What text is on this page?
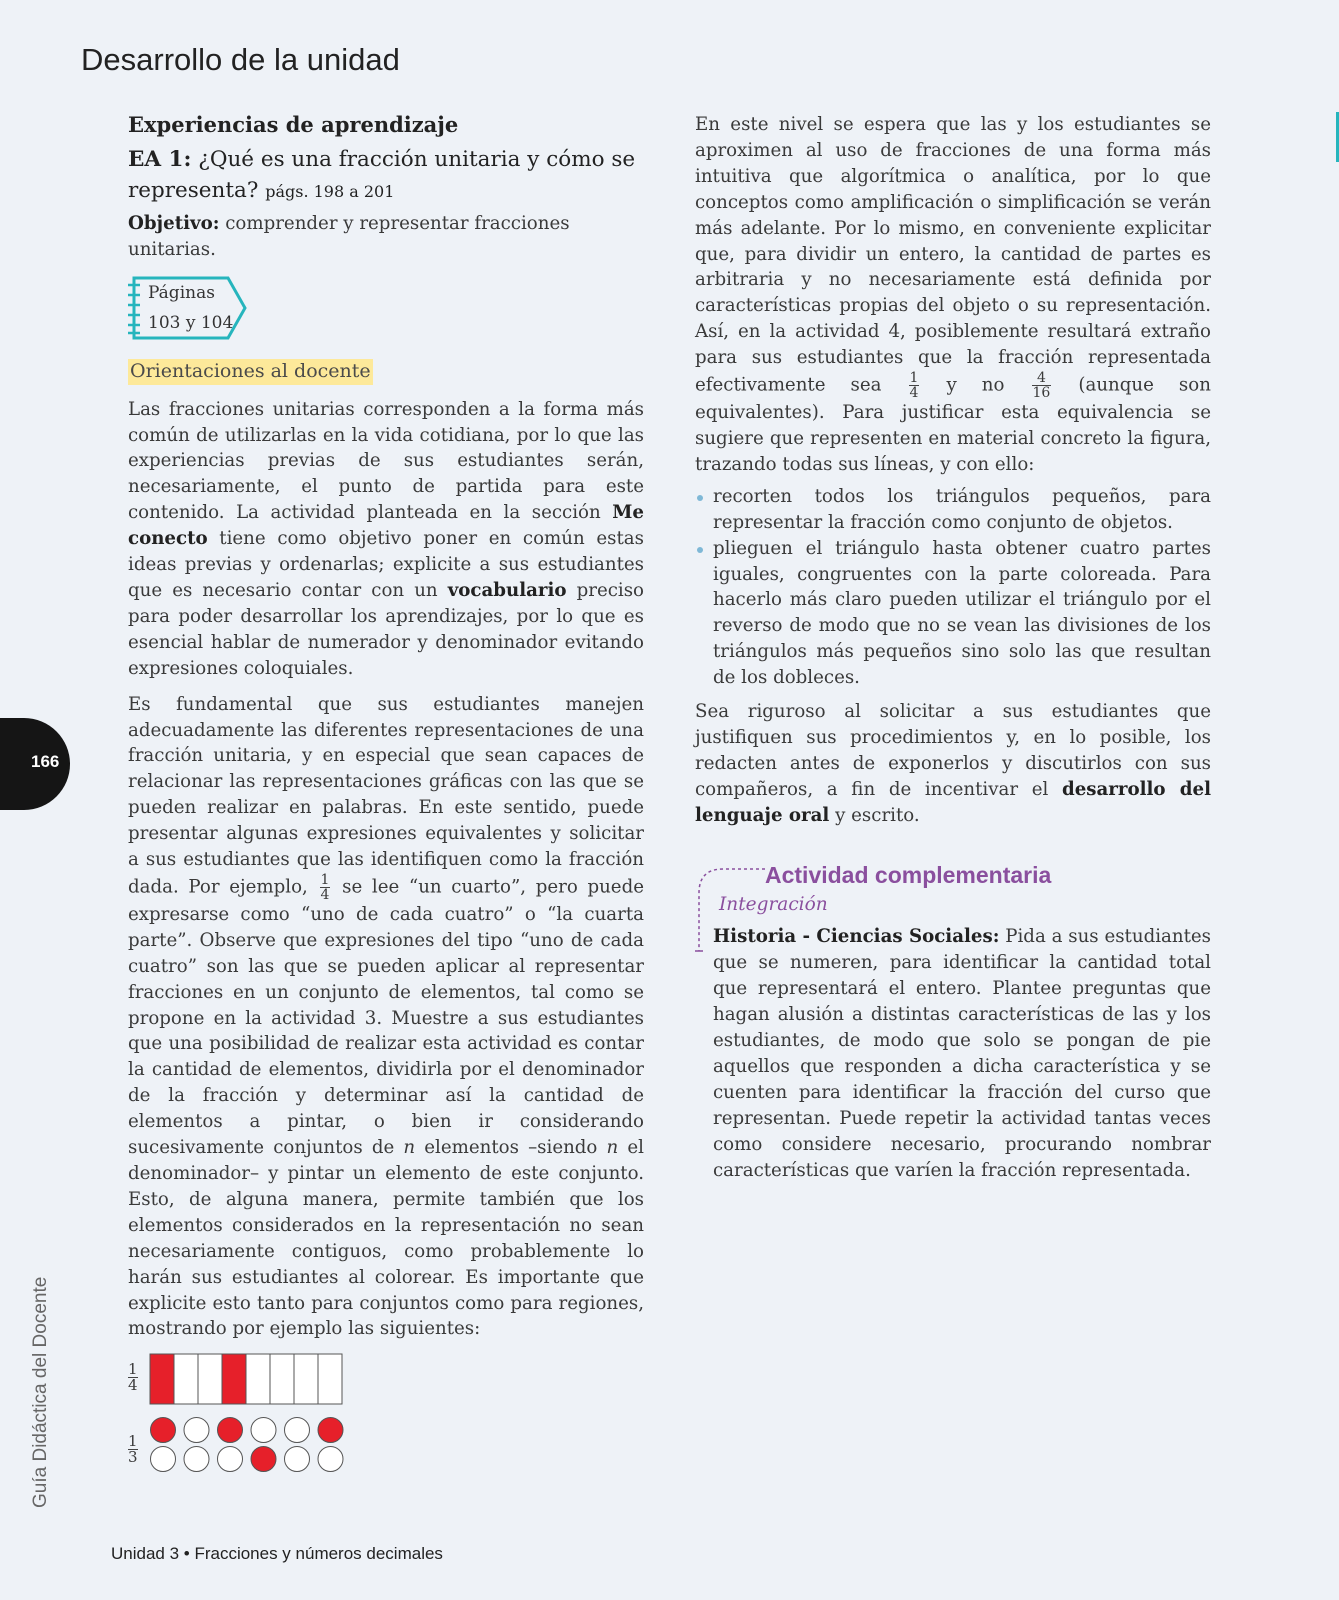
Desarrollo de la unidad
Experiencias de aprendizaje
EA 1: ¿Qué es una fracción unitaria y cómo se representa? págs. 198 a 201
Objetivo: comprender y representar fracciones unitarias.
Páginas
103 y 104
Orientaciones al docente

Las fracciones unitarias corresponden a la forma más común de utilizarlas en la vida cotidiana, por lo que las experiencias previas de sus estudiantes serán, necesariamente, el punto de partida para este contenido. La actividad planteada en la sección Me conecto tiene como objetivo poner en común estas ideas previas y ordenarlas; explicite a sus estudiantes que es necesario contar con un vocabulario preciso para poder desarrollar los aprendizajes, por lo que es esencial hablar de numerador y denominador evitando expresiones coloquiales.

Es fundamental que sus estudiantes manejen adecuadamente las diferentes representaciones de una fracción unitaria, y en especial que sean capaces de relacionar las representaciones gráficas con las que se pueden realizar en palabras. En este sentido, puede presentar algunas expresiones equivalentes y solicitar a sus estudiantes que las identifiquen como la fracción dada. Por ejemplo, $\frac{1}{4}$ se lee “un cuarto”, pero puede expresarse como “uno de cada cuatro” o “la cuarta parte”. Observe que expresiones del tipo “uno de cada cuatro” son las que se pueden aplicar al representar fracciones en un conjunto de elementos, tal como se propone en la actividad 3. Muestre a sus estudiantes que una posibilidad de realizar esta actividad es contar la cantidad de elementos, dividirla por el denominador de la fracción y determinar así la cantidad de elementos a pintar, o bien ir considerando sucesivamente conjuntos de n elementos –siendo n el denominador– y pintar un elemento de este conjunto. Esto, de alguna manera, permite también que los elementos considerados en la representación no sean necesariamente contiguos, como probablemente lo harán sus estudiantes al colorear. Es importante que explicite esto tanto para conjuntos como para regiones, mostrando por ejemplo las siguientes:

$\frac{1}{4}$
$\frac{1}{3}$

En este nivel se espera que las y los estudiantes se aproximen al uso de fracciones de una forma más intuitiva que algorítmica o analítica, por lo que conceptos como amplificación o simplificación se verán más adelante. Por lo mismo, en conveniente explicitar que, para dividir un entero, la cantidad de partes es arbitraria y no necesariamente está definida por características propias del objeto o su representación. Así, en la actividad 4, posiblemente resultará extraño para sus estudiantes que la fracción representada efectivamente sea $\frac{1}{4}$ y no $\frac{4}{16}$ (aunque son equivalentes). Para justificar esta equivalencia se sugiere que representen en material concreto la figura, trazando todas sus líneas, y con ello:

recorten todos los triángulos pequeños, para representar la fracción como conjunto de objetos.
plieguen el triángulo hasta obtener cuatro partes iguales, congruentes con la parte coloreada. Para hacerlo más claro pueden utilizar el triángulo por el reverso de modo que no se vean las divisiones de los triángulos más pequeños sino solo las que resultan de los dobleces.

Sea riguroso al solicitar a sus estudiantes que justifiquen sus procedimientos y, en lo posible, los redacten antes de exponerlos y discutirlos con sus compañeros, a fin de incentivar el desarrollo del lenguaje oral y escrito.

Actividad complementaria
Integración

Historia - Ciencias Sociales: Pida a sus estudiantes que se numeren, para identificar la cantidad total que representará el entero. Plantee preguntas que hagan alusión a distintas características de las y los estudiantes, de modo que solo se pongan de pie aquellos que responden a dicha característica y se cuenten para identificar la fracción del curso que representan. Puede repetir la actividad tantas veces como considere necesario, procurando nombrar características que varíen la fracción representada.

166
Guía Didáctica del Docente
Unidad 3 • Fracciones y números decimales
